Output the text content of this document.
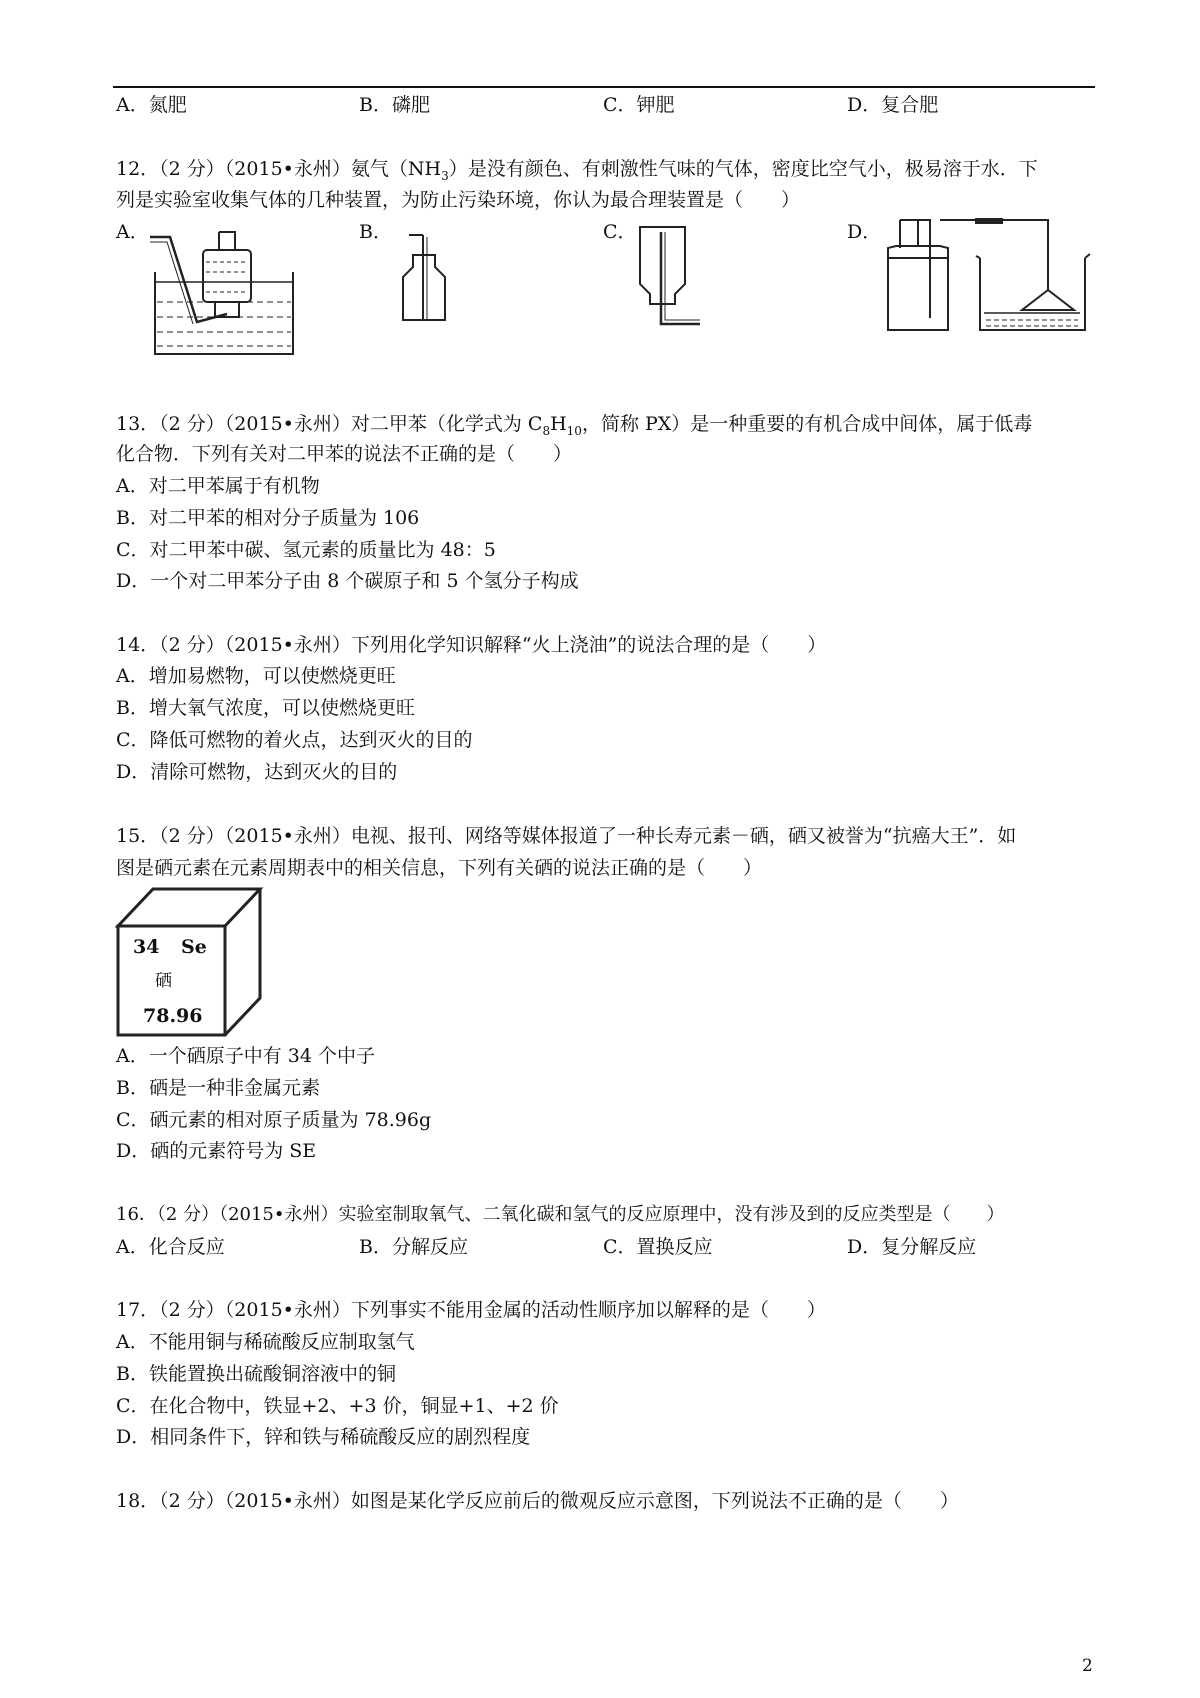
A．氮肥	B．磷肥	C．钾肥	D．复合肥
12．（2 分）（2015•永州）氨气$(NH_3)$是没有颜色、有刺激性气味的气体，密度比空气小，极易溶于水．下
列是实验室收集气体的几种装置，为防止污染环境，你认为最合理装置是（　　）
A．	B．	C．	D．
13．（2 分）（2015•永州）对二甲苯（化学式为 $C_8H_{10}$，简称 PX）是一种重要的有机合成中间体，属于低毒
化合物．下列有关对二甲苯的说法不正确的是（　　）
A．对二甲苯属于有机物
B．对二甲苯的相对分子质量为 106
C．对二甲苯中碳、氢元素的质量比为 48：5
D．一个对二甲苯分子由 8 个碳原子和 5 个氢分子构成
14．（2 分）（2015•永州）下列用化学知识解释“火上浇油”的说法合理的是（　　）
A．增加易燃物，可以使燃烧更旺
B．增大氧气浓度，可以使燃烧更旺
C．降低可燃物的着火点，达到灭火的目的
D．清除可燃物，达到灭火的目的
15．（2 分）（2015•永州）电视、报刊、网络等媒体报道了一种长寿元素－硒，硒又被誉为“抗癌大王”．如
图是硒元素在元素周期表中的相关信息，下列有关硒的说法正确的是（　　）
34 Se
硒
78.96
A．一个硒原子中有 34 个中子
B．硒是一种非金属元素
C．硒元素的相对原子质量为 78.96g
D．硒的元素符号为 SE
16．（2 分）（2015•永州）实验室制取氧气、二氧化碳和氢气的反应原理中，没有涉及到的反应类型是（　　）
A．化合反应	B．分解反应	C．置换反应	D．复分解反应
17．（2 分）（2015•永州）下列事实不能用金属的活动性顺序加以解释的是（　　）
A．不能用铜与稀硫酸反应制取氢气
B．铁能置换出硫酸铜溶液中的铜
C．在化合物中，铁显+2、+3 价，铜显+1、+2 价
D．相同条件下，锌和铁与稀硫酸反应的剧烈程度
18．（2 分）（2015•永州）如图是某化学反应前后的微观反应示意图，下列说法不正确的是（　　）
2
